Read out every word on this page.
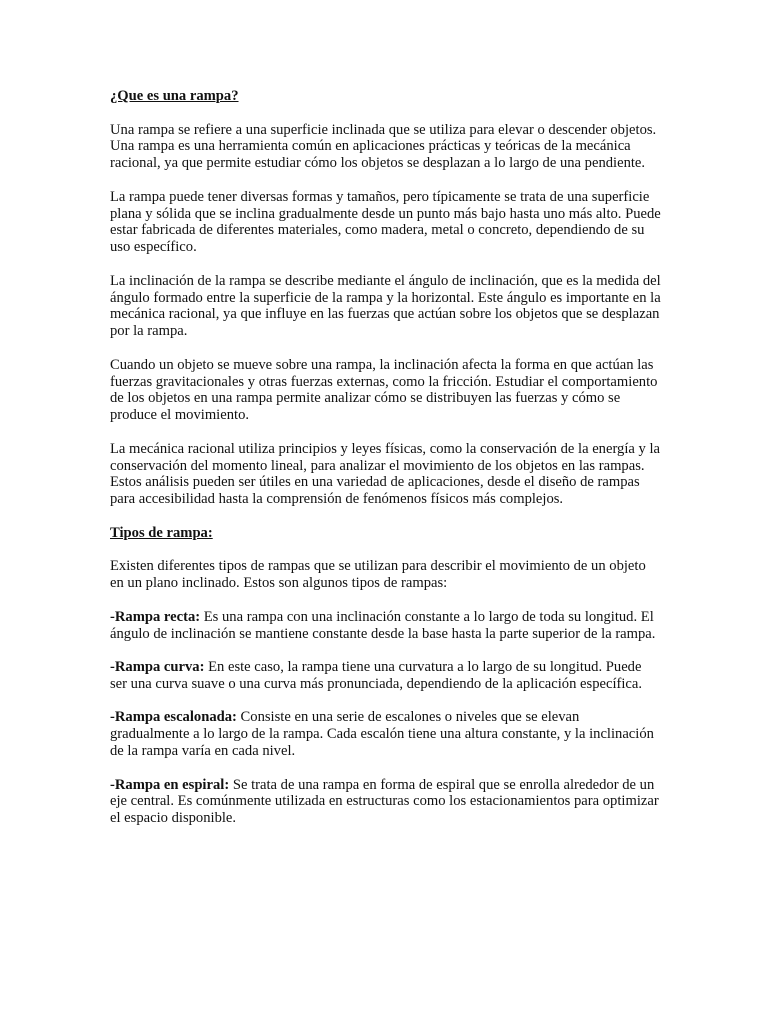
¿Que es una rampa?

Una rampa se refiere a una superficie inclinada que se utiliza para elevar o descender objetos. Una rampa es una herramienta común en aplicaciones prácticas y teóricas de la mecánica racional, ya que permite estudiar cómo los objetos se desplazan a lo largo de una pendiente.

La rampa puede tener diversas formas y tamaños, pero típicamente se trata de una superficie plana y sólida que se inclina gradualmente desde un punto más bajo hasta uno más alto. Puede estar fabricada de diferentes materiales, como madera, metal o concreto, dependiendo de su uso específico.

La inclinación de la rampa se describe mediante el ángulo de inclinación, que es la medida del ángulo formado entre la superficie de la rampa y la horizontal. Este ángulo es importante en la mecánica racional, ya que influye en las fuerzas que actúan sobre los objetos que se desplazan por la rampa.

Cuando un objeto se mueve sobre una rampa, la inclinación afecta la forma en que actúan las fuerzas gravitacionales y otras fuerzas externas, como la fricción. Estudiar el comportamiento de los objetos en una rampa permite analizar cómo se distribuyen las fuerzas y cómo se produce el movimiento.

La mecánica racional utiliza principios y leyes físicas, como la conservación de la energía y la conservación del momento lineal, para analizar el movimiento de los objetos en las rampas. Estos análisis pueden ser útiles en una variedad de aplicaciones, desde el diseño de rampas para accesibilidad hasta la comprensión de fenómenos físicos más complejos.

Tipos de rampa:

Existen diferentes tipos de rampas que se utilizan para describir el movimiento de un objeto en un plano inclinado. Estos son algunos tipos de rampas:

-Rampa recta: Es una rampa con una inclinación constante a lo largo de toda su longitud. El ángulo de inclinación se mantiene constante desde la base hasta la parte superior de la rampa.

-Rampa curva: En este caso, la rampa tiene una curvatura a lo largo de su longitud. Puede ser una curva suave o una curva más pronunciada, dependiendo de la aplicación específica.

-Rampa escalonada: Consiste en una serie de escalones o niveles que se elevan gradualmente a lo largo de la rampa. Cada escalón tiene una altura constante, y la inclinación de la rampa varía en cada nivel.

-Rampa en espiral: Se trata de una rampa en forma de espiral que se enrolla alrededor de un eje central. Es comúnmente utilizada en estructuras como los estacionamientos para optimizar el espacio disponible.
